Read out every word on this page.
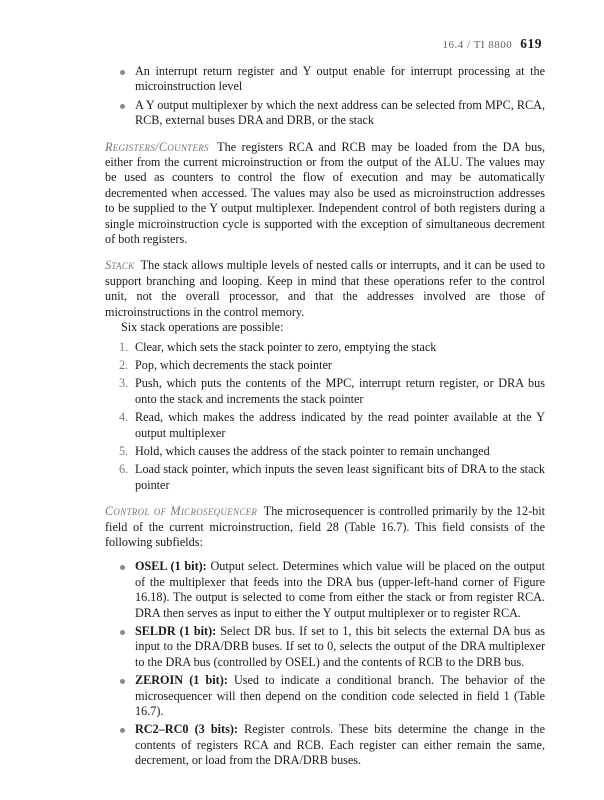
16.4 / TI 8800 619
An interrupt return register and Y output enable for interrupt processing at the microinstruction level
A Y output multiplexer by which the next address can be selected from MPC, RCA, RCB, external buses DRA and DRB, or the stack

Registers/Counters The registers RCA and RCB may be loaded from the DA bus, either from the current microinstruction or from the output of the ALU. The values may be used as counters to control the flow of execution and may be automatically decremented when accessed. The values may also be used as microinstruction addresses to be supplied to the Y output multiplexer. Independent control of both registers during a single microinstruction cycle is supported with the exception of simultaneous decrement of both registers.

Stack The stack allows multiple levels of nested calls or interrupts, and it can be used to support branching and looping. Keep in mind that these operations refer to the control unit, not the overall processor, and that the addresses involved are those of microinstructions in the control memory.

Six stack operations are possible:

1. Clear, which sets the stack pointer to zero, emptying the stack
2. Pop, which decrements the stack pointer
3. Push, which puts the contents of the MPC, interrupt return register, or DRA bus onto the stack and increments the stack pointer
4. Read, which makes the address indicated by the read pointer available at the Y output multiplexer
5. Hold, which causes the address of the stack pointer to remain unchanged
6. Load stack pointer, which inputs the seven least significant bits of DRA to the stack pointer

Control of Microsequencer The microsequencer is controlled primarily by the 12-bit field of the current microinstruction, field 28 (Table 16.7). This field consists of the following subfields:

OSEL (1 bit): Output select. Determines which value will be placed on the output of the multiplexer that feeds into the DRA bus (upper-left-hand corner of Figure 16.18). The output is selected to come from either the stack or from register RCA. DRA then serves as input to either the Y output multiplexer or to register RCA.
SELDR (1 bit): Select DR bus. If set to 1, this bit selects the external DA bus as input to the DRA/DRB buses. If set to 0, selects the output of the DRA multiplexer to the DRA bus (controlled by OSEL) and the contents of RCB to the DRB bus.
ZEROIN (1 bit): Used to indicate a conditional branch. The behavior of the microsequencer will then depend on the condition code selected in field 1 (Table 16.7).
RC2–RC0 (3 bits): Register controls. These bits determine the change in the contents of registers RCA and RCB. Each register can either remain the same, decrement, or load from the DRA/DRB buses.
